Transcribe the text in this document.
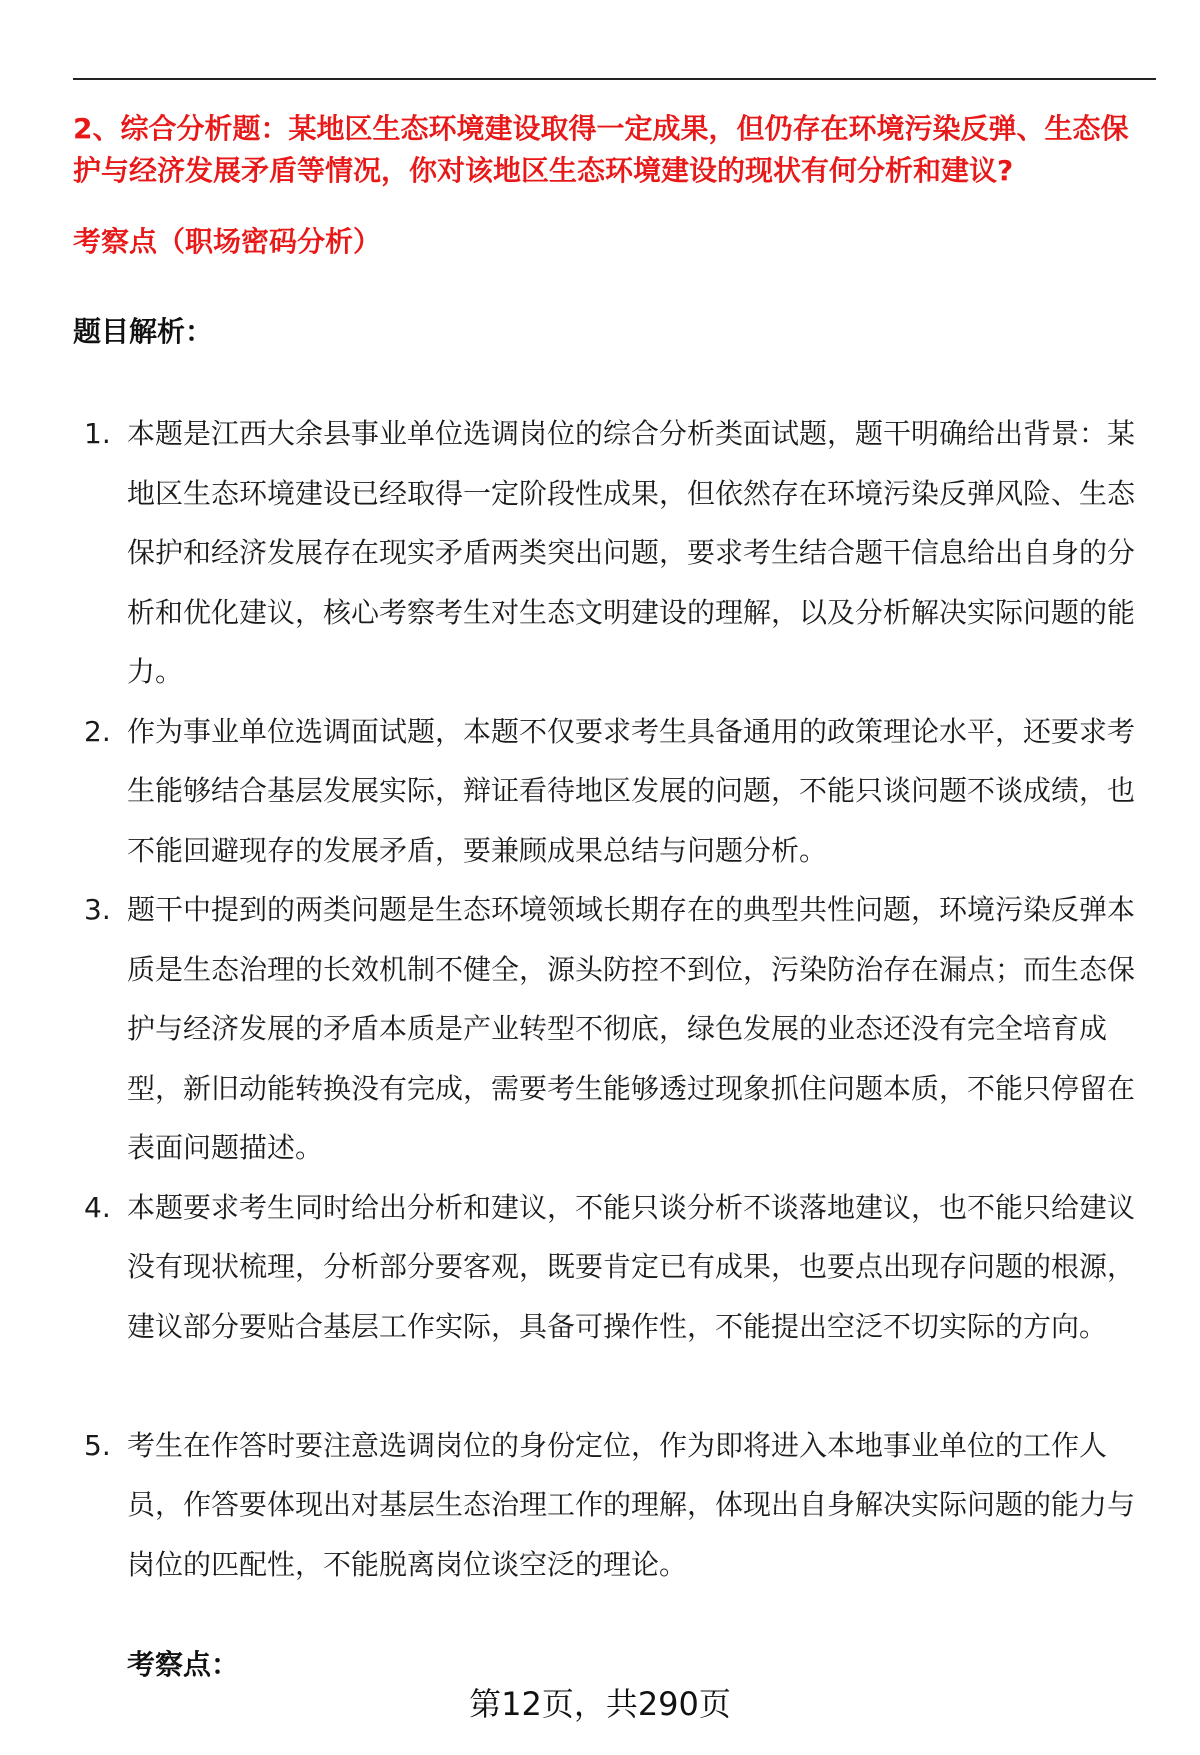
2、综合分析题：某地区生态环境建设取得一定成果，但仍存在环境污染反弹、生态保护与经济发展矛盾等情况，你对该地区生态环境建设的现状有何分析和建议?

考察点（职场密码分析）

题目解析：

1. 本题是江西大余县事业单位选调岗位的综合分析类面试题，题干明确给出背景：某地区生态环境建设已经取得一定阶段性成果，但依然存在环境污染反弹风险、生态保护和经济发展存在现实矛盾两类突出问题，要求考生结合题干信息给出自身的分析和优化建议，核心考察考生对生态文明建设的理解，以及分析解决实际问题的能力。
2. 作为事业单位选调面试题，本题不仅要求考生具备通用的政策理论水平，还要求考生能够结合基层发展实际，辩证看待地区发展的问题，不能只谈问题不谈成绩，也不能回避现存的发展矛盾，要兼顾成果总结与问题分析。
3. 题干中提到的两类问题是生态环境领域长期存在的典型共性问题，环境污染反弹本质是生态治理的长效机制不健全，源头防控不到位，污染防治存在漏点；而生态保护与经济发展的矛盾本质是产业转型不彻底，绿色发展的业态还没有完全培育成型，新旧动能转换没有完成，需要考生能够透过现象抓住问题本质，不能只停留在表面问题描述。
4. 本题要求考生同时给出分析和建议，不能只谈分析不谈落地建议，也不能只给建议没有现状梳理，分析部分要客观，既要肯定已有成果，也要点出现存问题的根源，建议部分要贴合基层工作实际，具备可操作性，不能提出空泛不切实际的方向。
5. 考生在作答时要注意选调岗位的身份定位，作为即将进入本地事业单位的工作人员，作答要体现出对基层生态治理工作的理解，体现出自身解决实际问题的能力与岗位的匹配性，不能脱离岗位谈空泛的理论。

考察点：

第12页，共290页
